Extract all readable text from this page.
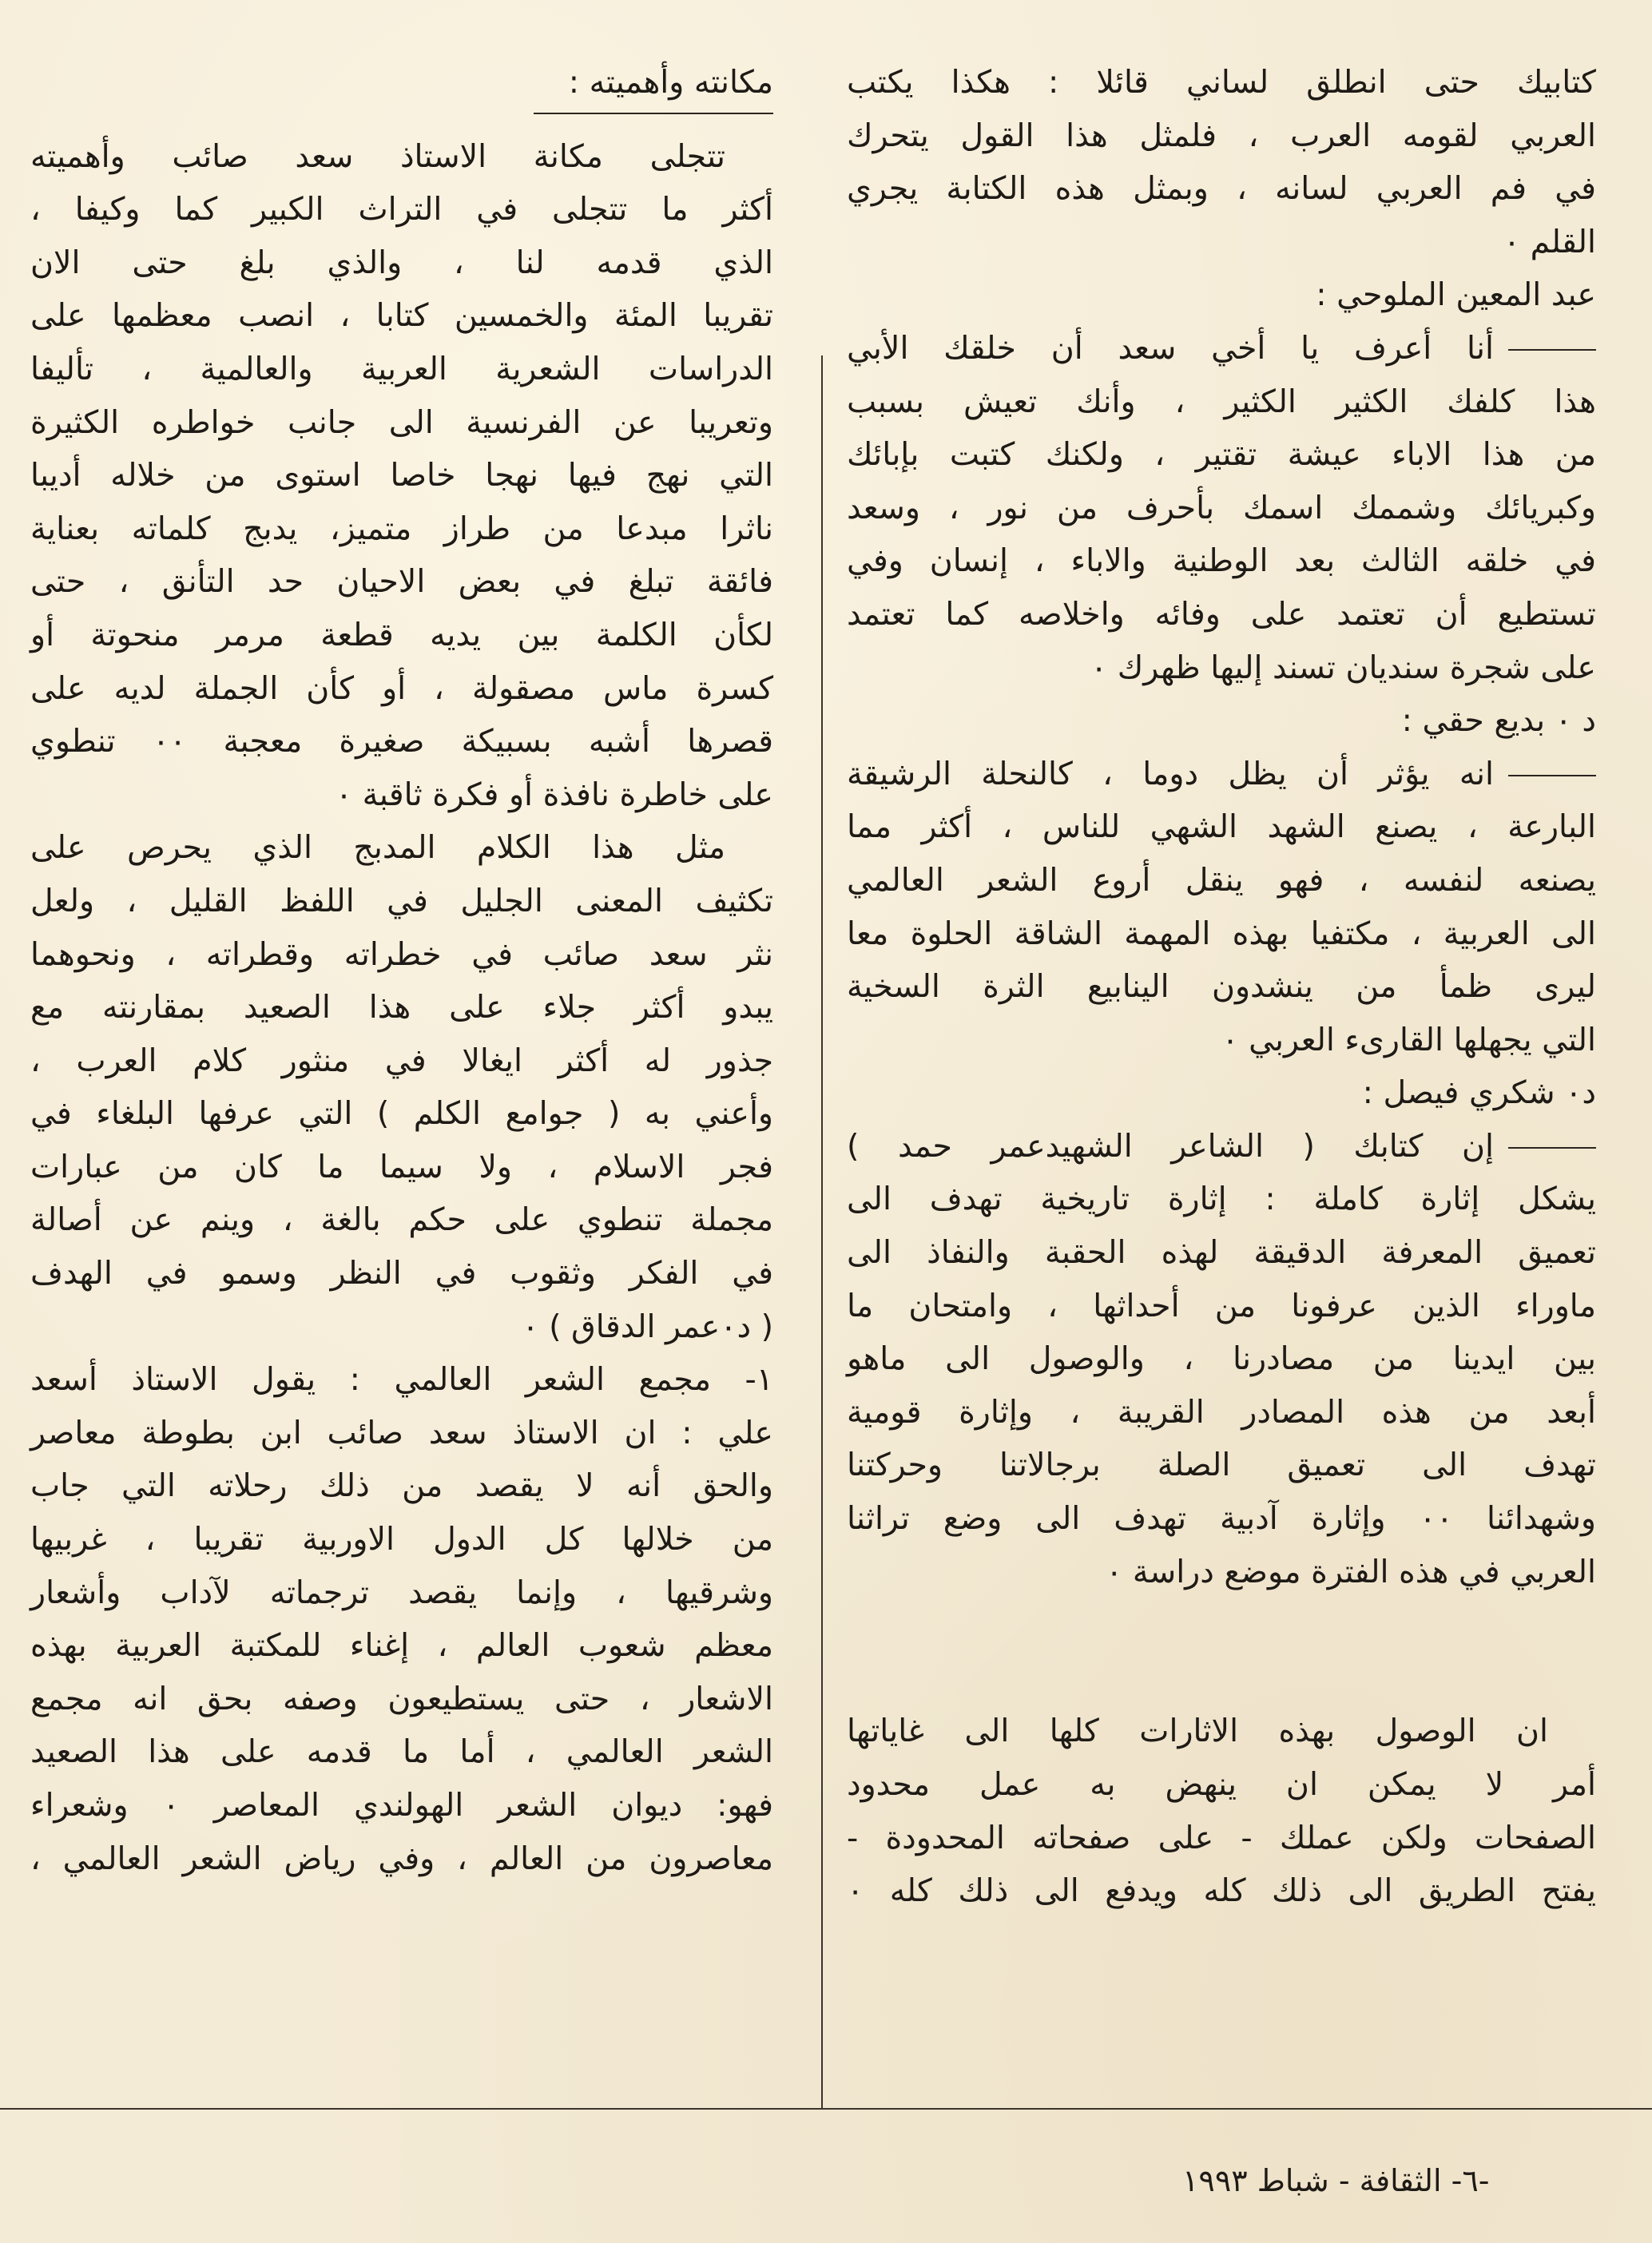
كتابيك حتى انطلق لساني قائلا : هكذا يكتب
العربي لقومه العرب ، فلمثل هذا القول يتحرك
في فم العربي لسانه ، وبمثل هذه الكتابة يجري
القلم ٠

عبد المعين الملوحي :

أنا أعرف يا أخي سعد أن خلقك الأبي
هذا كلفك الكثير الكثير ، وأنك تعيش بسبب
من هذا الاباء عيشة تقتير ، ولكنك كتبت بإبائك
وكبريائك وشممك اسمك بأحرف من نور ، وسعد
في خلقه الثالث بعد الوطنية والاباء ، إنسان وفي
تستطيع أن تعتمد على وفائه واخلاصه كما تعتمد
على شجرة سنديان تسند إليها ظهرك ٠

د ٠ بديع حقي :

انه يؤثر أن يظل دوما ، كالنحلة الرشيقة
البارعة ، يصنع الشهد الشهي للناس ، أكثر مما
يصنعه لنفسه ، فهو ينقل أروع الشعر العالمي
الى العربية ، مكتفيا بهذه المهمة الشاقة الحلوة معا
ليرى ظمأ من ينشدون الينابيع الثرة السخية
التي يجهلها القارىء العربي ٠

د٠ شكري فيصل :

إن كتابك ( الشاعر الشهيدعمر حمد )
يشكل إثارة كاملة : إثارة تاريخية تهدف الى
تعميق المعرفة الدقيقة لهذه الحقبة والنفاذ الى
ماوراء الذين عرفونا من أحداثها ، وامتحان ما
بين ايدينا من مصادرنا ، والوصول الى ماهو
أبعد من هذه المصادر القريبة ، وإثارة قومية
تهدف الى تعميق الصلة برجالاتنا وحركتنا
وشهدائنا ٠٠ وإثارة آدبية تهدف الى وضع تراثنا
العربي في هذه الفترة موضع دراسة ٠

ان الوصول بهذه الاثارات كلها الى غاياتها
أمر لا يمكن ان ينهض به عمل محدود
الصفحات ولكن عملك - على صفحاته المحدودة -
يفتح الطريق الى ذلك كله ويدفع الى ذلك كله ٠

مكانته وأهميته :

تتجلى مكانة الاستاذ سعد صائب وأهميته
أكثر ما تتجلى في التراث الكبير كما وكيفا ،
الذي قدمه لنا ، والذي بلغ حتى الان
تقريبا المئة والخمسين كتابا ، انصب معظمها على
الدراسات الشعرية العربية والعالمية ، تأليفا
وتعريبا عن الفرنسية الى جانب خواطره الكثيرة
التي نهج فيها نهجا خاصا استوى من خلاله أديبا
ناثرا مبدعا من طراز متميز، يدبج كلماته بعناية
فائقة تبلغ في بعض الاحيان حد التأنق ، حتى
لكأن الكلمة بين يديه قطعة مرمر منحوتة أو
كسرة ماس مصقولة ، أو كأن الجملة لديه على
قصرها أشبه بسبيكة صغيرة معجبة ٠٠ تنطوي
على خاطرة نافذة أو فكرة ثاقبة ٠

مثل هذا الكلام المدبج الذي يحرص على
تكثيف المعنى الجليل في اللفظ القليل ، ولعل
نثر سعد صائب في خطراته وقطراته ، ونحوهما
يبدو أكثر جلاء على هذا الصعيد بمقارنته مع
جذور له أكثر ايغالا في منثور كلام العرب ،
وأعني به ( جوامع الكلم ) التي عرفها البلغاء في
فجر الاسلام ، ولا سيما ما كان من عبارات
مجملة تنطوي على حكم بالغة ، وينم عن أصالة
في الفكر وثقوب في النظر وسمو في الهدف
( د٠عمر الدقاق ) ٠

١- مجمع الشعر العالمي : يقول الاستاذ أسعد
علي : ان الاستاذ سعد صائب ابن بطوطة معاصر
والحق أنه لا يقصد من ذلك رحلاته التي جاب
من خلالها كل الدول الاوربية تقريبا ، غربيها
وشرقيها ، وإنما يقصد ترجماته لآداب وأشعار
معظم شعوب العالم ، إغناء للمكتبة العربية بهذه
الاشعار ، حتى يستطيعون وصفه بحق انه مجمع
الشعر العالمي ، أما ما قدمه على هذا الصعيد
فهو: ديوان الشعر الهولندي المعاصر ٠ وشعراء
معاصرون من العالم ، وفي رياض الشعر العالمي ،

-٦- الثقافة - شباط ١٩٩٣
